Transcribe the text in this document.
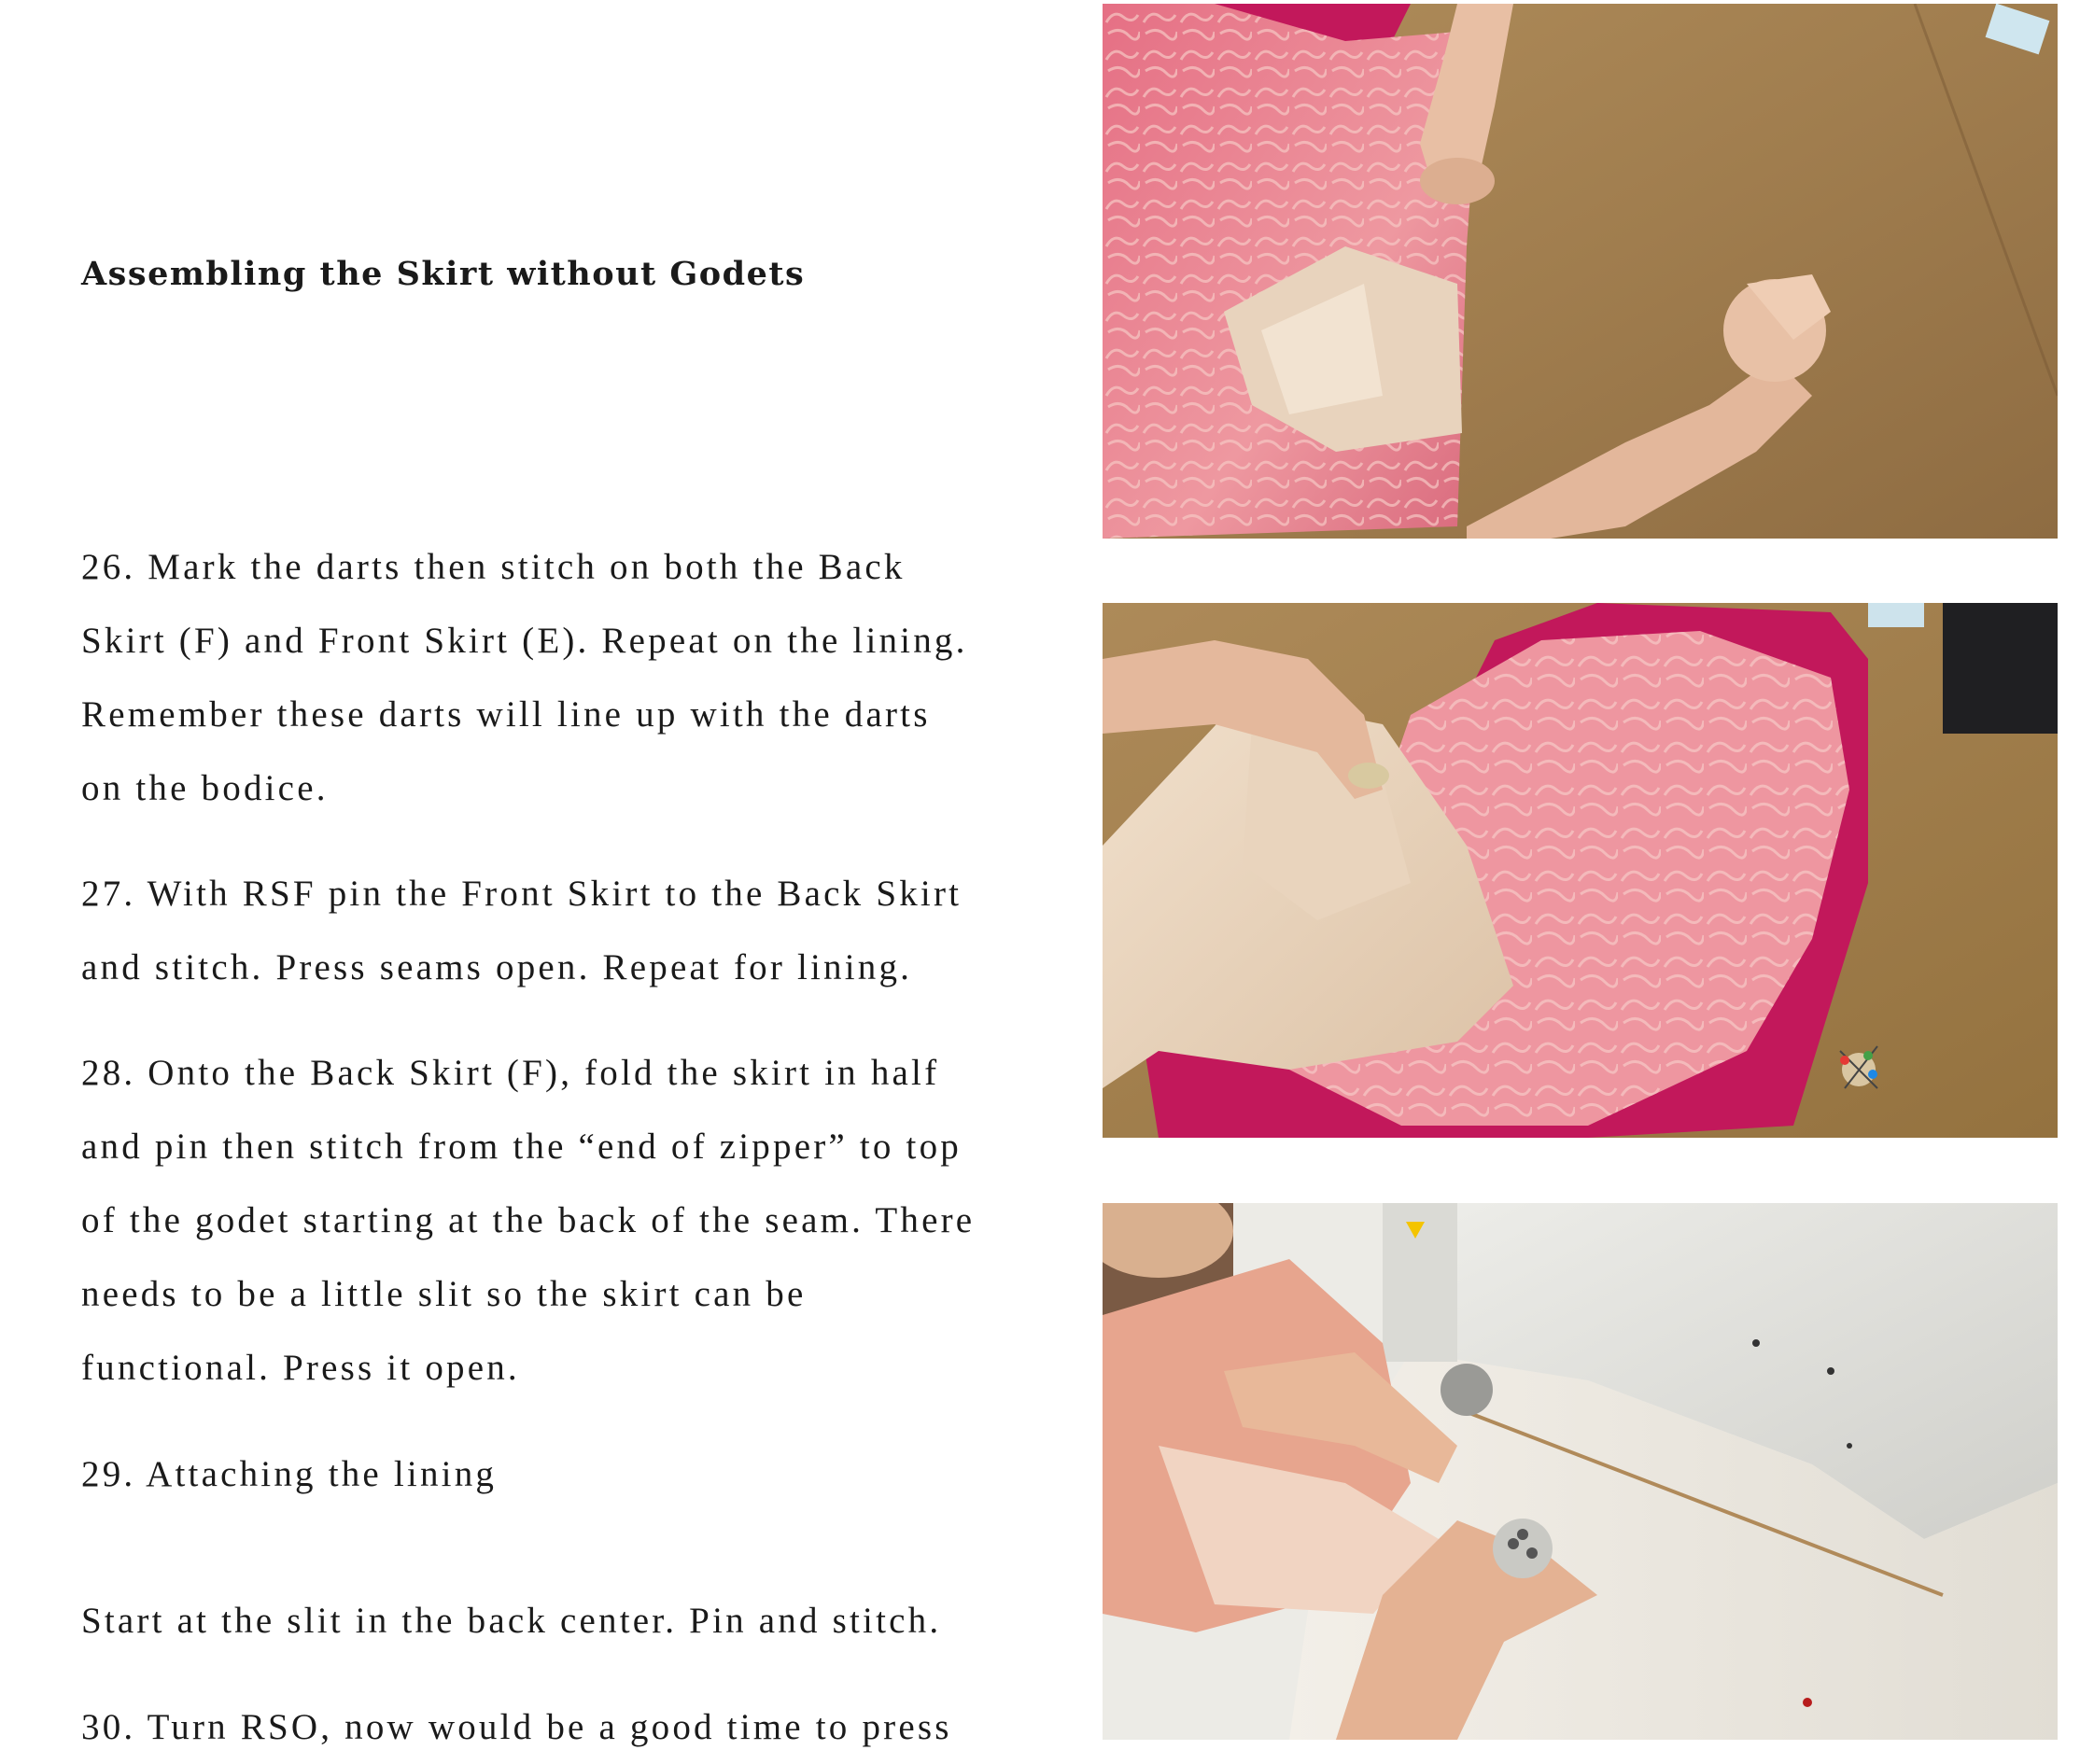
Assembling the Skirt without Godets

26. Mark the darts then stitch on both the Back
Skirt (F) and Front Skirt (E). Repeat on the lining.
Remember these darts will line up with the darts
on the bodice.

27. With RSF pin the Front Skirt to the Back Skirt
and stitch. Press seams open. Repeat for lining.

28. Onto the Back Skirt (F), fold the skirt in half
and pin then stitch from the “end of zipper” to top
of the godet starting at the back of the seam. There
needs to be a little slit so the skirt can be
functional. Press it open.

29. Attaching the lining

Start at the slit in the back center. Pin and stitch.

30. Turn RSO, now would be a good time to press
